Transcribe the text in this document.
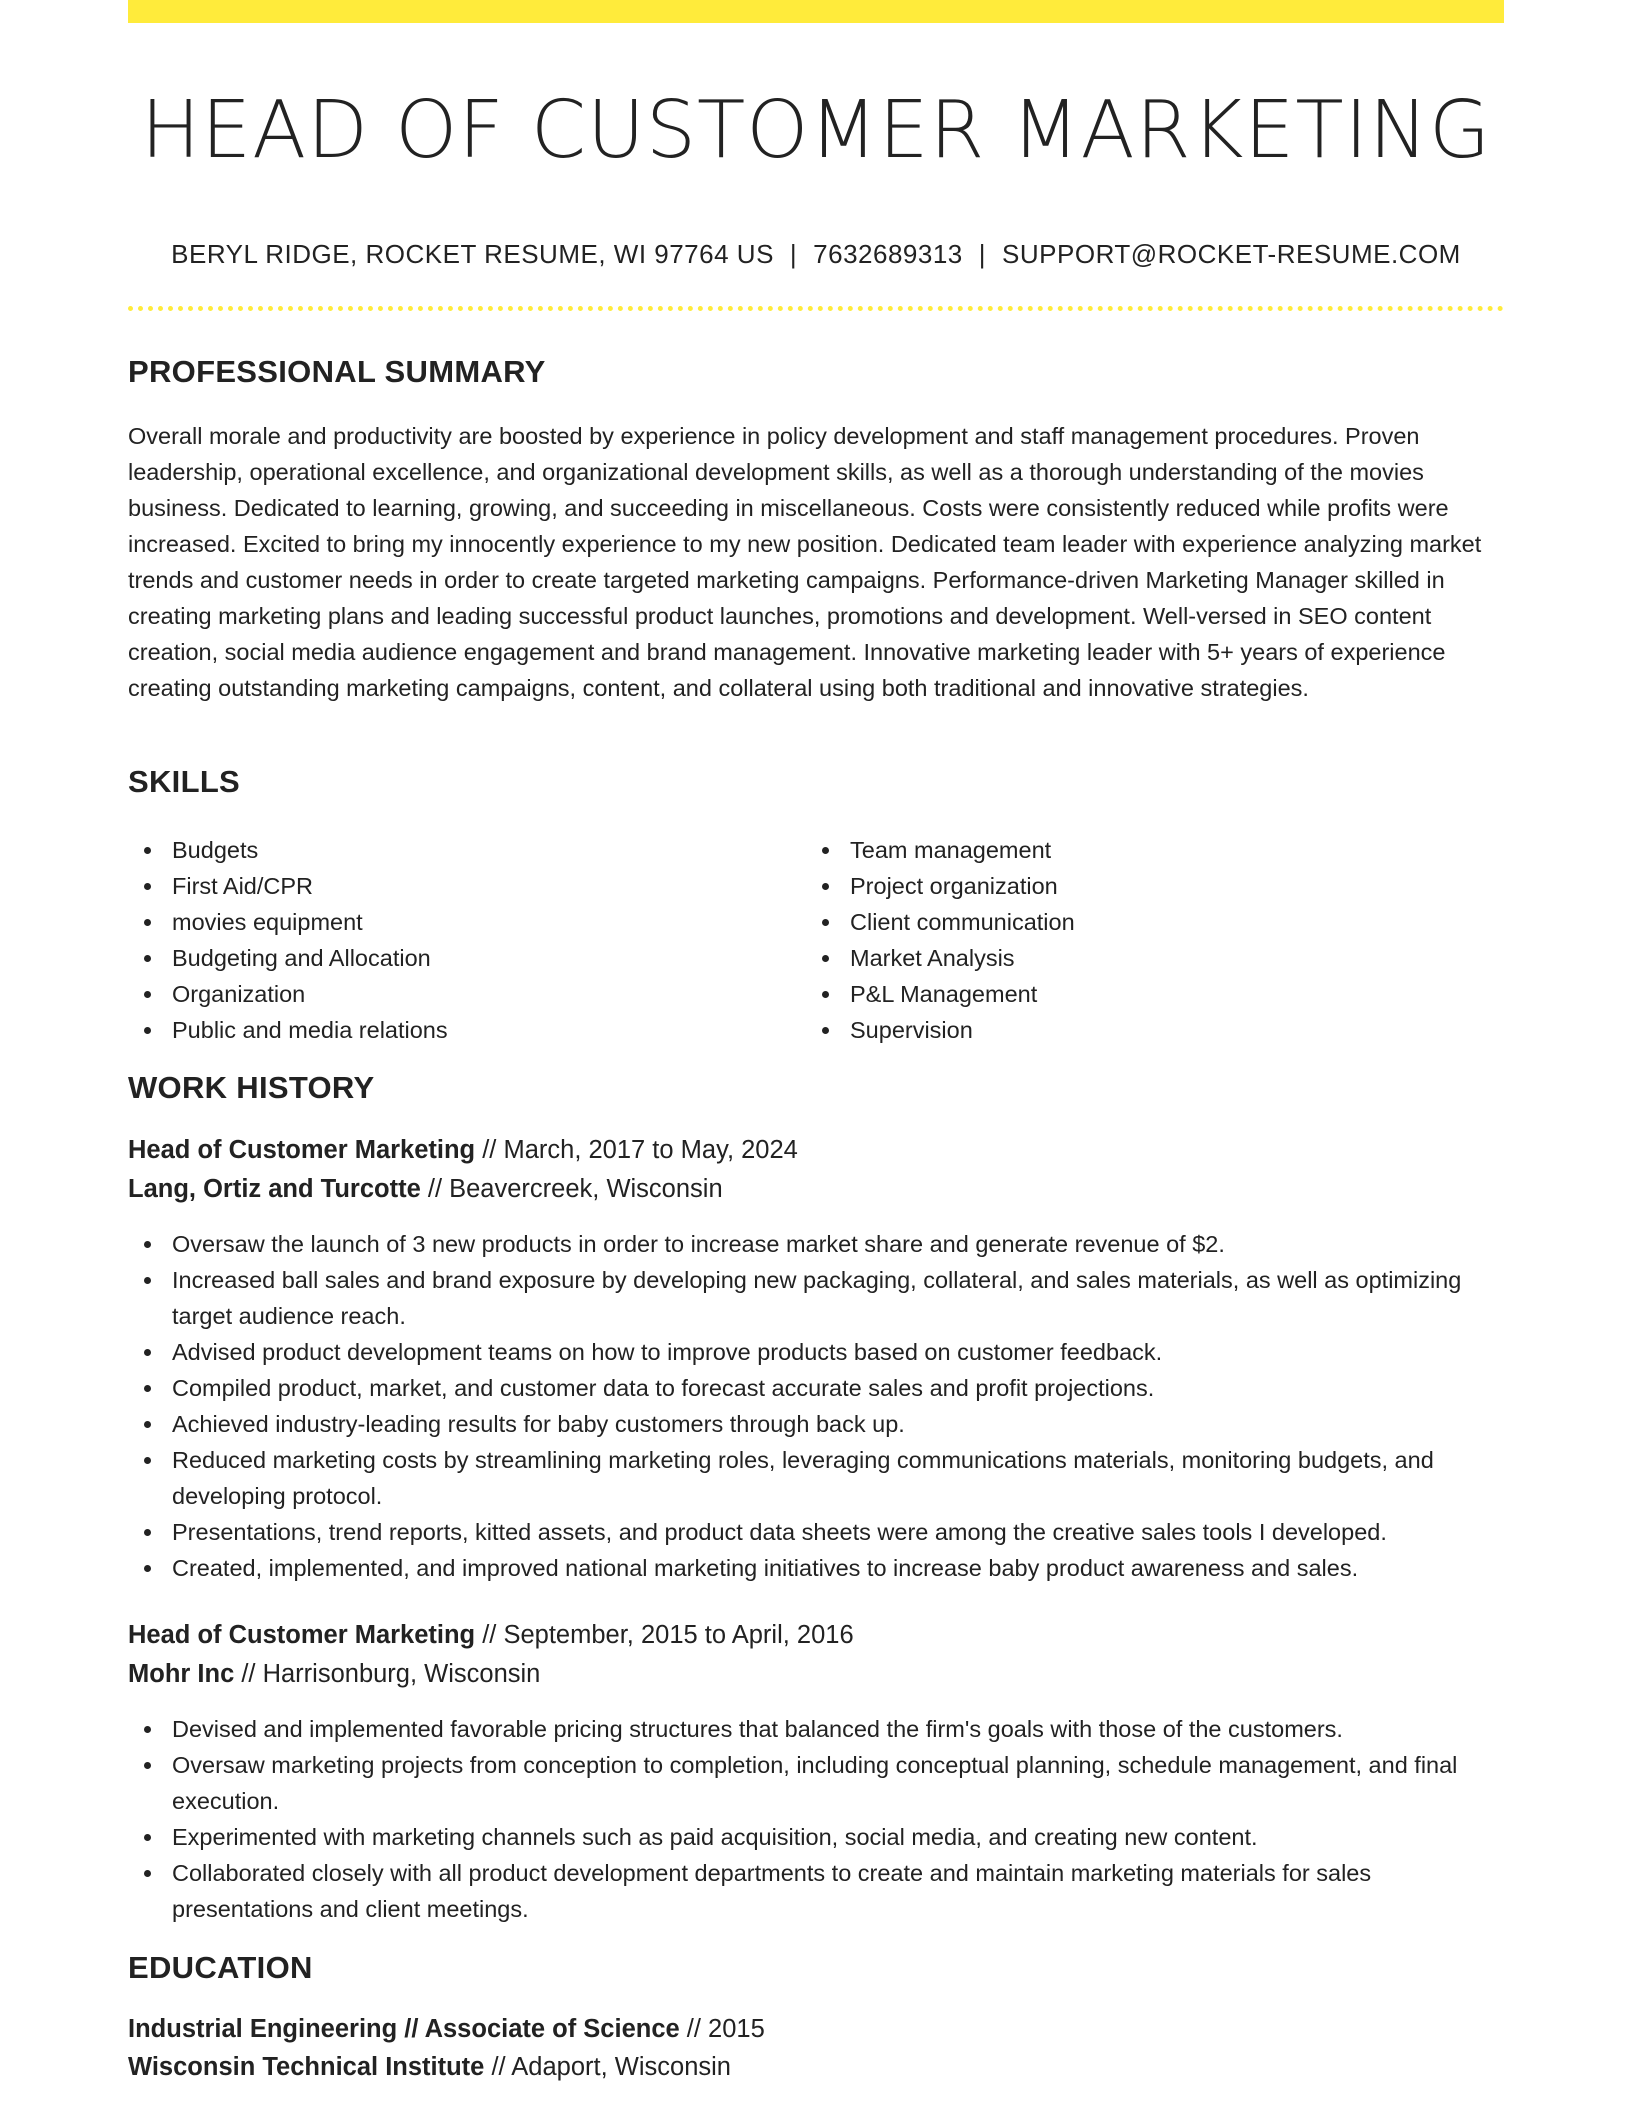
HEAD OF CUSTOMER MARKETING
BERYL RIDGE, ROCKET RESUME, WI 97764 US | 7632689313 | SUPPORT@ROCKET-RESUME.COM
PROFESSIONAL SUMMARY

Overall morale and productivity are boosted by experience in policy development and staff management procedures. Proven leadership, operational excellence, and organizational development skills, as well as a thorough understanding of the movies business. Dedicated to learning, growing, and succeeding in miscellaneous. Costs were consistently reduced while profits were increased. Excited to bring my innocently experience to my new position. Dedicated team leader with experience analyzing market trends and customer needs in order to create targeted marketing campaigns. Performance-driven Marketing Manager skilled in creating marketing plans and leading successful product launches, promotions and development. Well-versed in SEO content creation, social media audience engagement and brand management. Innovative marketing leader with 5+ years of experience creating outstanding marketing campaigns, content, and collateral using both traditional and innovative strategies.

SKILLS
Budgets
First Aid/CPR
movies equipment
Budgeting and Allocation
Organization
Public and media relations
Team management
Project organization
Client communication
Market Analysis
P&L Management
Supervision
WORK HISTORY
Head of Customer Marketing // March, 2017 to May, 2024
Lang, Ortiz and Turcotte // Beavercreek, Wisconsin
Oversaw the launch of 3 new products in order to increase market share and generate revenue of $2.
Increased ball sales and brand exposure by developing new packaging, collateral, and sales materials, as well as optimizing target audience reach.
Advised product development teams on how to improve products based on customer feedback.
Compiled product, market, and customer data to forecast accurate sales and profit projections.
Achieved industry-leading results for baby customers through back up.
Reduced marketing costs by streamlining marketing roles, leveraging communications materials, monitoring budgets, and developing protocol.
Presentations, trend reports, kitted assets, and product data sheets were among the creative sales tools I developed.
Created, implemented, and improved national marketing initiatives to increase baby product awareness and sales.
Head of Customer Marketing // September, 2015 to April, 2016
Mohr Inc // Harrisonburg, Wisconsin
Devised and implemented favorable pricing structures that balanced the firm's goals with those of the customers.
Oversaw marketing projects from conception to completion, including conceptual planning, schedule management, and final execution.
Experimented with marketing channels such as paid acquisition, social media, and creating new content.
Collaborated closely with all product development departments to create and maintain marketing materials for sales presentations and client meetings.
EDUCATION
Industrial Engineering // Associate of Science // 2015
Wisconsin Technical Institute // Adaport, Wisconsin
